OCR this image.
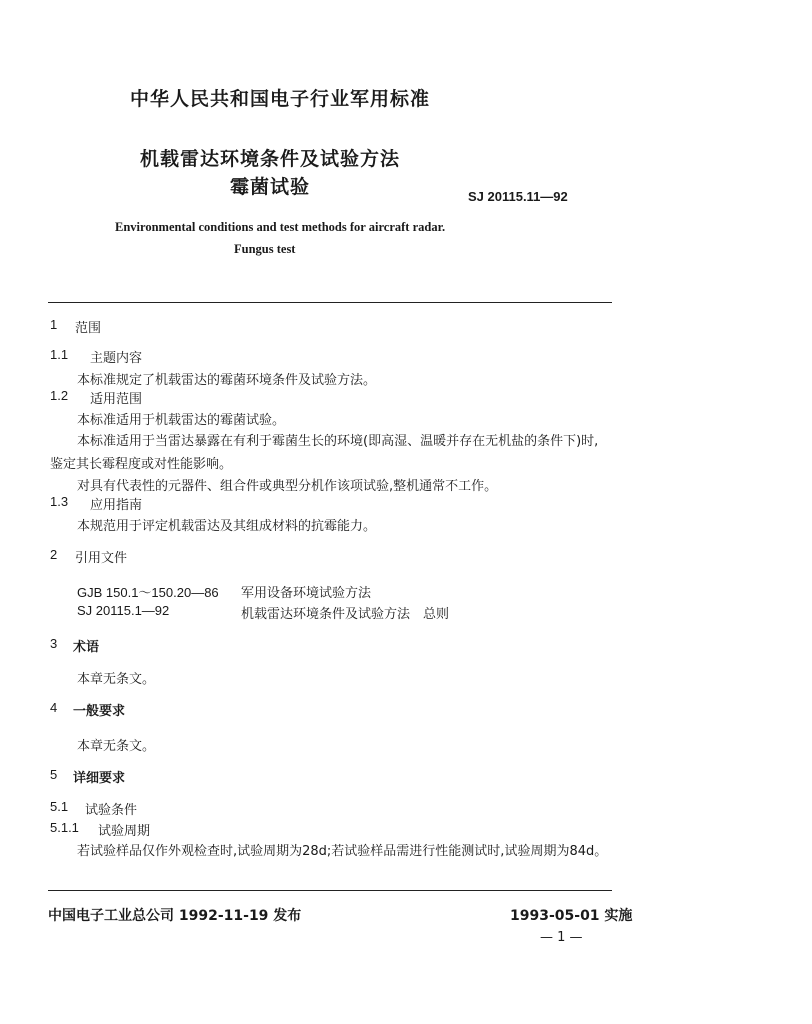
中华人民共和国电子行业军用标准
机载雷达环境条件及试验方法
霉菌试验	SJ 20115.11—92
Environmental conditions and test methods for aircraft radar.
Fungus test
1 范围
1.1 主题内容
本标准规定了机载雷达的霉菌环境条件及试验方法。
1.2 适用范围
本标准适用于机载雷达的霉菌试验。
本标准适用于当雷达暴露在有利于霉菌生长的环境(即高湿、温暖并存在无机盐的条件下)时,鉴定其长霉程度或对性能影响。
对具有代表性的元器件、组合件或典型分机作该项试验,整机通常不工作。
1.3 应用指南
本规范用于评定机载雷达及其组成材料的抗霉能力。
2 引用文件
GJB 150.1～150.20—86 军用设备环境试验方法
SJ 20115.1—92	机载雷达环境条件及试验方法　总则
3 术语
本章无条文。
4 一般要求
本章无条文。
5 详细要求
5.1 试验条件
5.1.1 试验周期
若试验样品仅作外观检查时,试验周期为28d;若试验样品需进行性能测试时,试验周期为84d。
中国电子工业总公司 1992-11-19 发布	1993-05-01 实施
— 1 —
